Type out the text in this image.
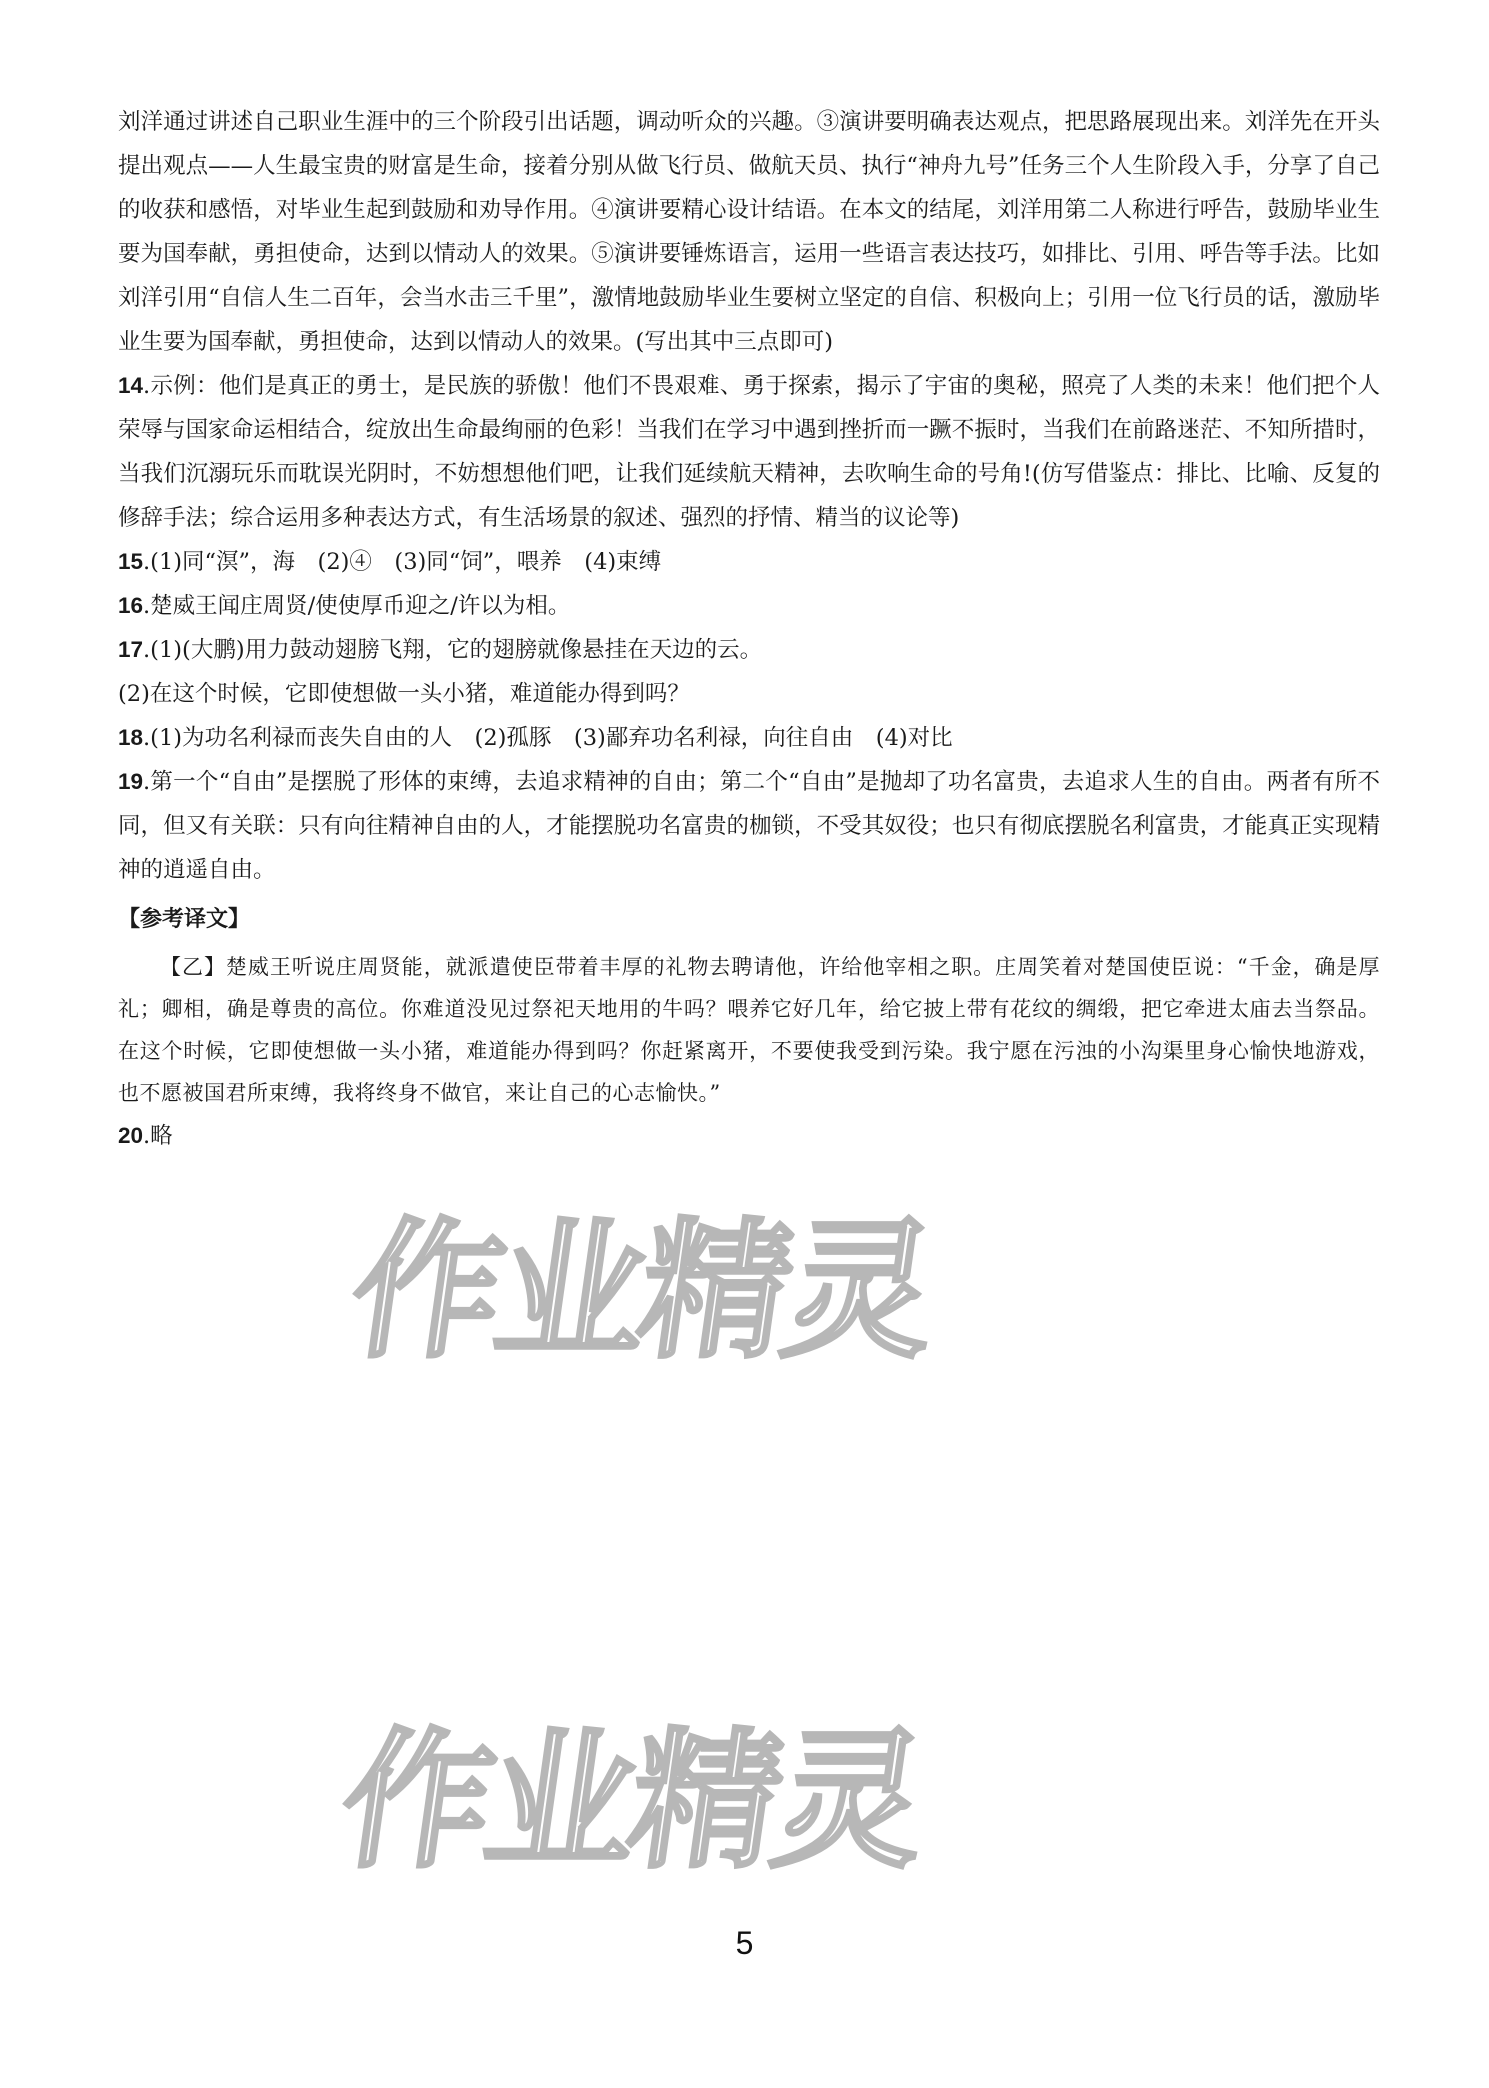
刘洋通过讲述自己职业生涯中的三个阶段引出话题，调动听众的兴趣。③演讲要明确表达观点，把思路展现出来。刘洋先在开头提出观点——人生最宝贵的财富是生命，接着分别从做飞行员、做航天员、执行“神舟九号”任务三个人生阶段入手，分享了自己的收获和感悟，对毕业生起到鼓励和劝导作用。④演讲要精心设计结语。在本文的结尾，刘洋用第二人称进行呼告，鼓励毕业生要为国奉献，勇担使命，达到以情动人的效果。⑤演讲要锤炼语言，运用一些语言表达技巧，如排比、引用、呼告等手法。比如刘洋引用“自信人生二百年，会当水击三千里”，激情地鼓励毕业生要树立坚定的自信、积极向上；引用一位飞行员的话，激励毕业生要为国奉献，勇担使命，达到以情动人的效果。(写出其中三点即可)

14.示例：他们是真正的勇士，是民族的骄傲！他们不畏艰难、勇于探索，揭示了宇宙的奥秘，照亮了人类的未来！他们把个人荣辱与国家命运相结合，绽放出生命最绚丽的色彩！当我们在学习中遇到挫折而一蹶不振时，当我们在前路迷茫、不知所措时，当我们沉溺玩乐而耽误光阴时，不妨想想他们吧，让我们延续航天精神，去吹响生命的号角!(仿写借鉴点：排比、比喻、反复的修辞手法；综合运用多种表达方式，有生活场景的叙述、强烈的抒情、精当的议论等)

15.(1)同“溟”，海　(2)④　(3)同“饲”，喂养　(4)束缚

16.楚威王闻庄周贤/使使厚币迎之/许以为相。

17.(1)(大鹏)用力鼓动翅膀飞翔，它的翅膀就像悬挂在天边的云。

(2)在这个时候，它即使想做一头小猪，难道能办得到吗？

18.(1)为功名利禄而丧失自由的人　(2)孤豚　(3)鄙弃功名利禄，向往自由　(4)对比

19.第一个“自由”是摆脱了形体的束缚，去追求精神的自由；第二个“自由”是抛却了功名富贵，去追求人生的自由。两者有所不同，但又有关联：只有向往精神自由的人，才能摆脱功名富贵的枷锁，不受其奴役；也只有彻底摆脱名利富贵，才能真正实现精神的逍遥自由。

【参考译文】

【乙】楚威王听说庄周贤能，就派遣使臣带着丰厚的礼物去聘请他，许给他宰相之职。庄周笑着对楚国使臣说：“千金，确是厚礼；卿相，确是尊贵的高位。你难道没见过祭祀天地用的牛吗？喂养它好几年，给它披上带有花纹的绸缎，把它牵进太庙去当祭品。在这个时候，它即使想做一头小猪，难道能办得到吗？你赶紧离开，不要使我受到污染。我宁愿在污浊的小沟渠里身心愉快地游戏，也不愿被国君所束缚，我将终身不做官，来让自己的心志愉快。”

20.略

作业精灵
作业精灵
5
